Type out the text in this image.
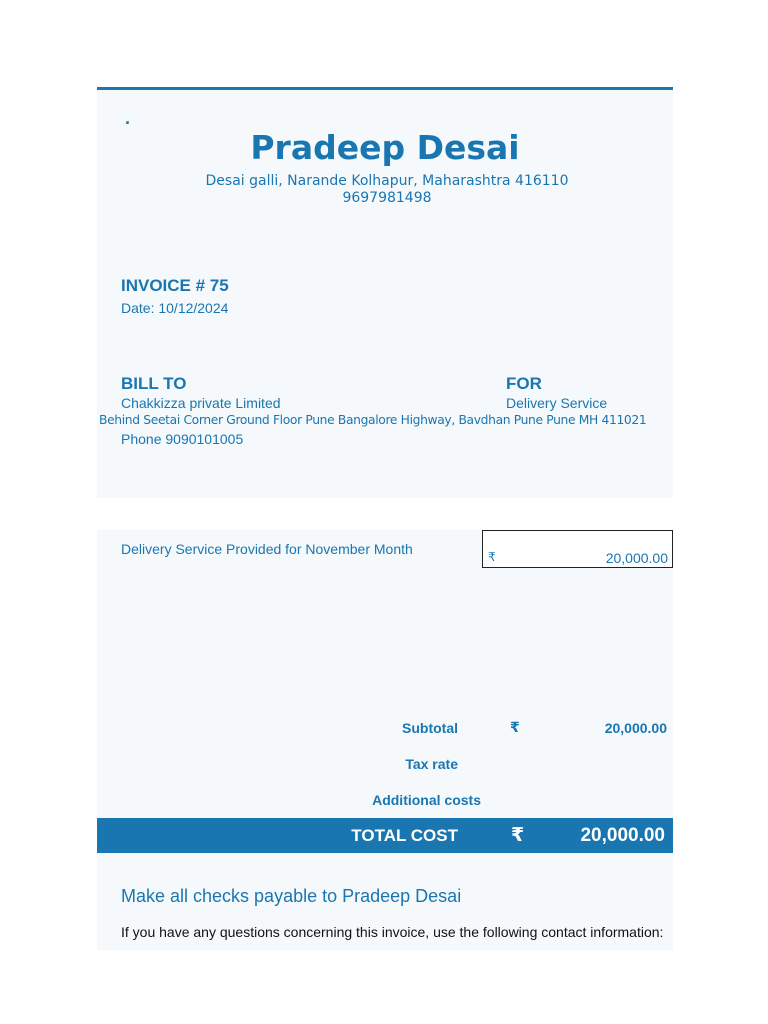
.
Pradeep Desai
Desai galli, Narande Kolhapur, Maharashtra 416110
9697981498
INVOICE # 75
Date: 10/12/2024
BILL TO	FOR
Chakkizza private Limited	Delivery Service
Behind Seetai Corner Ground Floor Pune Bangalore Highway, Bavdhan Pune Pune MH 411021
Phone 9090101005
Delivery Service Provided for November Month	₹	20,000.00
Subtotal	₹	20,000.00
Tax rate
Additional costs
TOTAL COST	₹	20,000.00
Make all checks payable to Pradeep Desai
If you have any questions concerning this invoice, use the following contact information:
